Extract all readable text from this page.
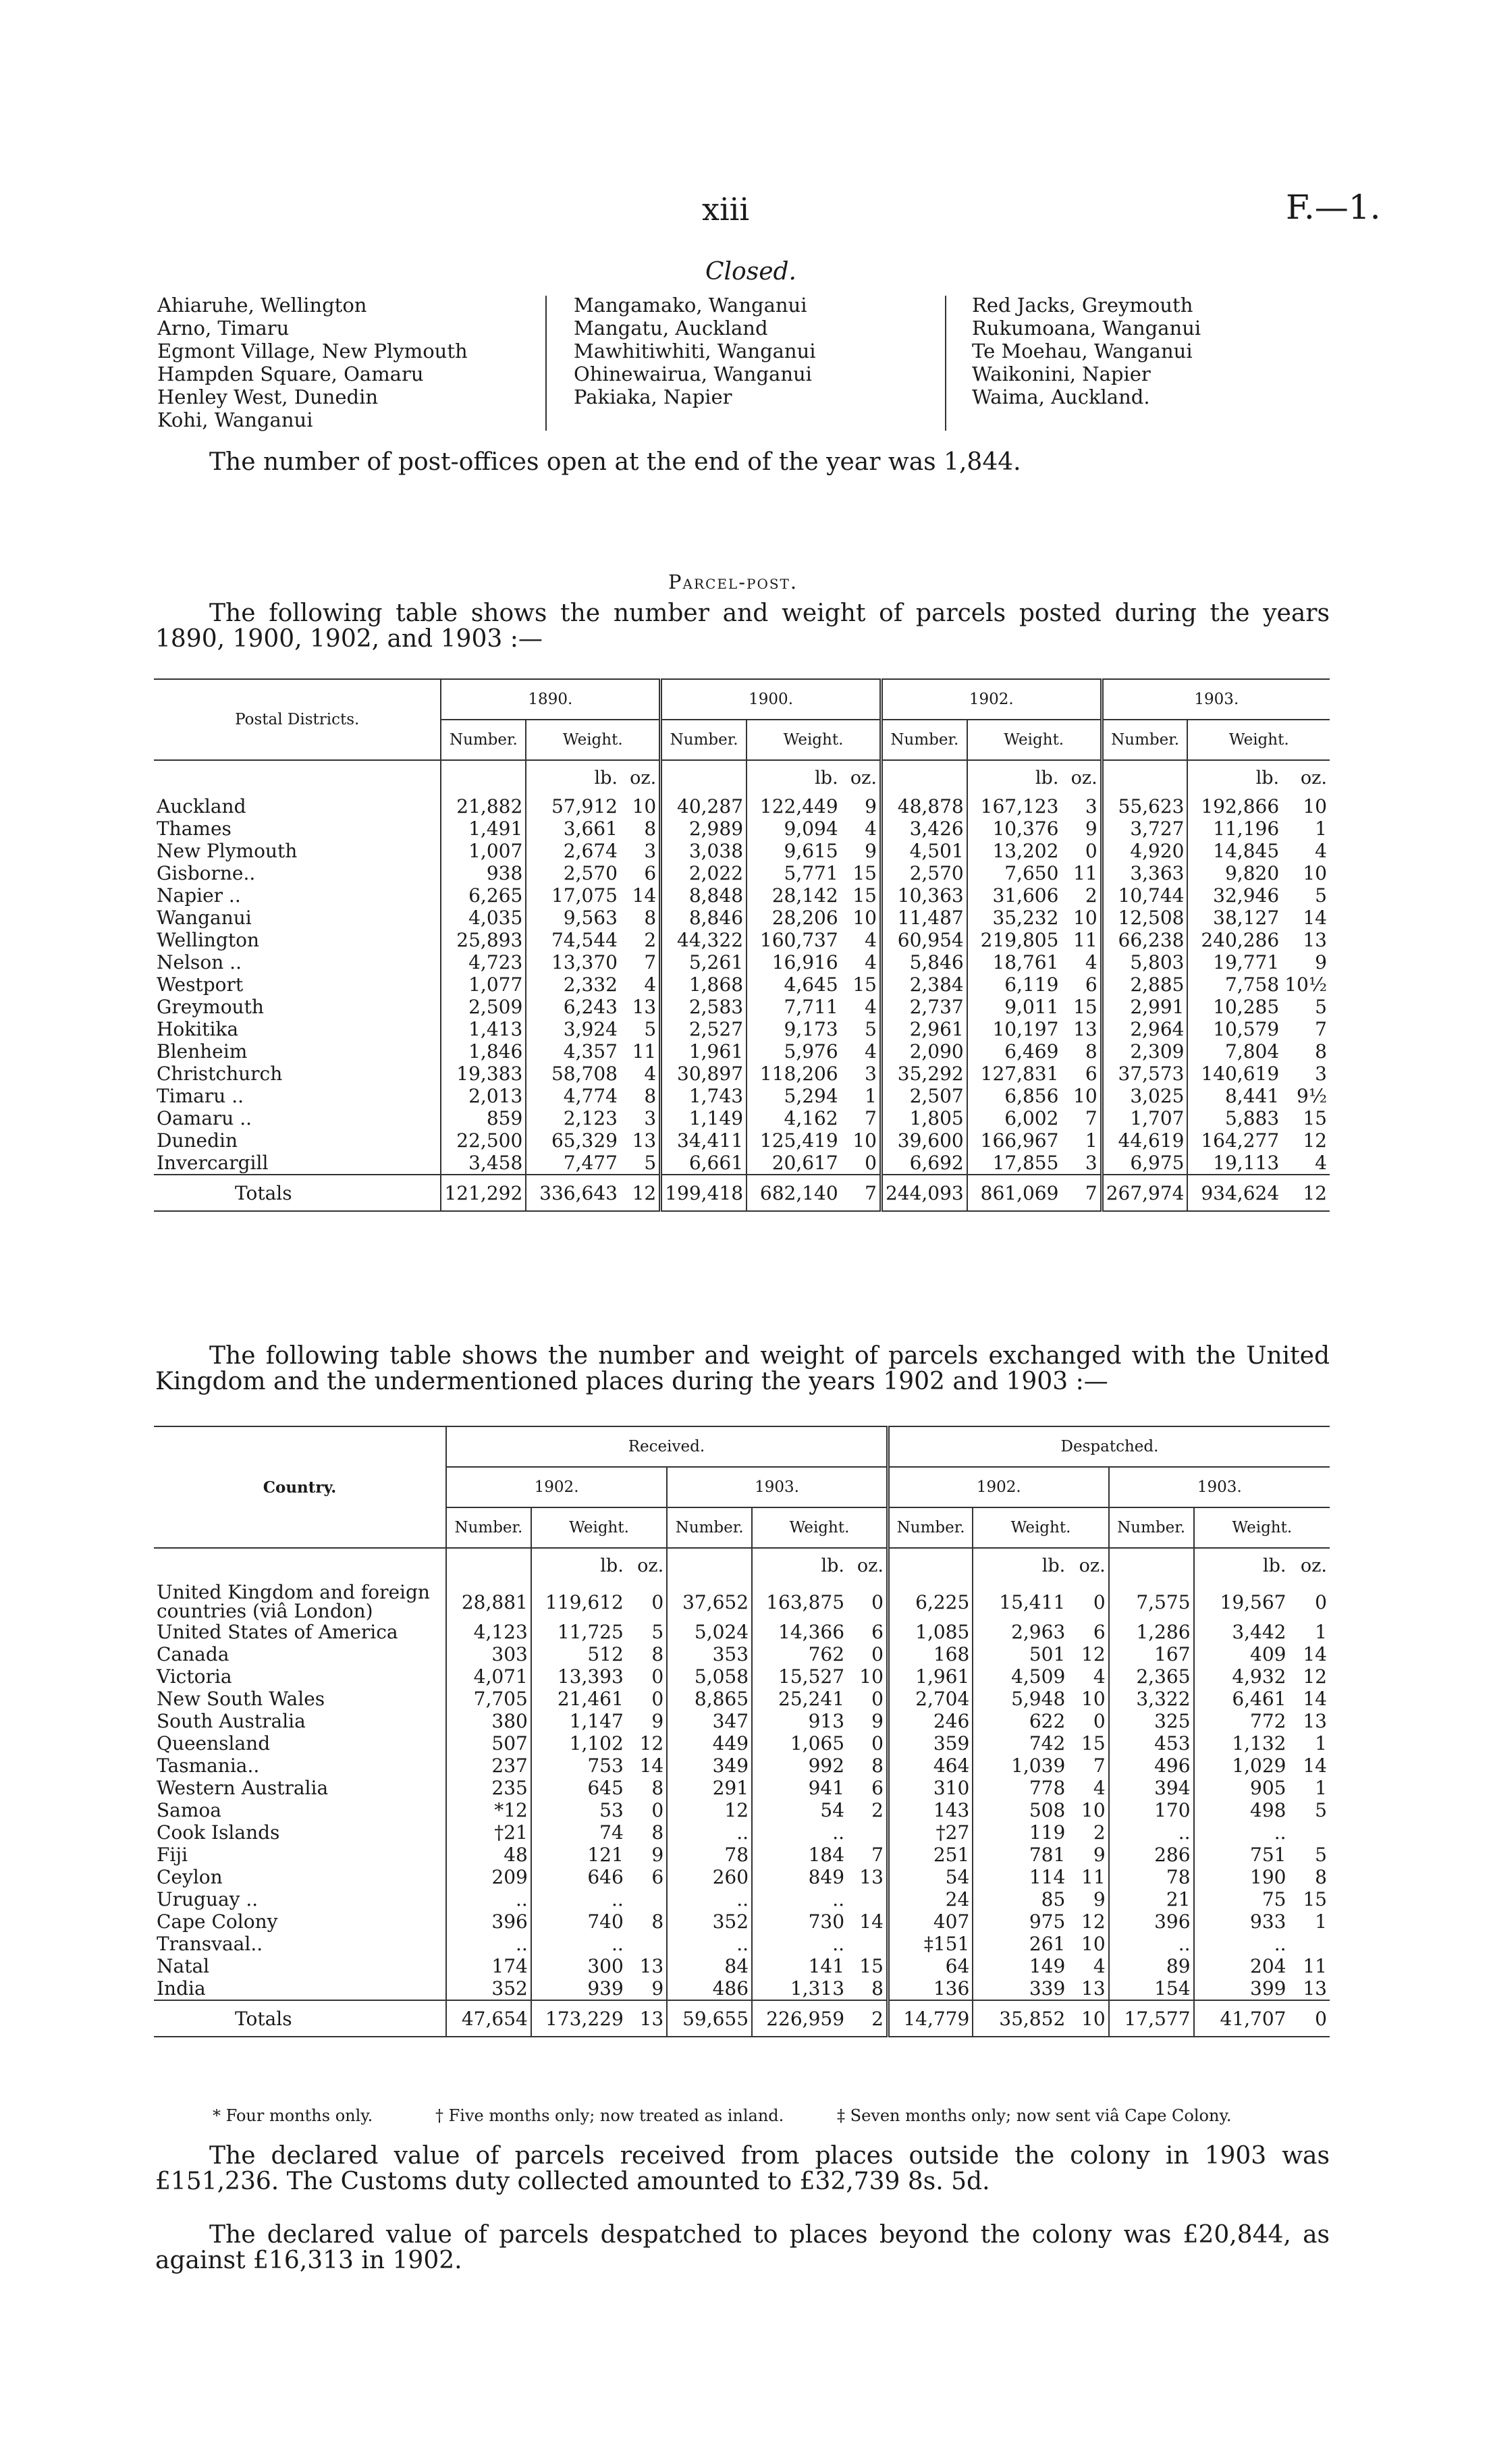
xiii	F.—1.
Closed.
Ahiaruhe, Wellington
Arno, Timaru
Egmont Village, New Plymouth
Hampden Square, Oamaru
Henley West, Dunedin
Kohi, Wanganui
Mangamako, Wanganui
Mangatu, Auckland
Mawhitiwhiti, Wanganui
Ohinewairua, Wanganui
Pakiaka, Napier
Red Jacks, Greymouth
Rukumoana, Wanganui
Te Moehau, Wanganui
Waikonini, Napier
Waima, Auckland.
The number of post-offices open at the end of the year was 1,844.
Parcel-post.
The following table shows the number and weight of parcels posted during the years 1890, 1900, 1902, and 1903 :—
Postal Districts.	1890.			1900.			1902.			1903.		
	Number.	Weight.		Number.	Weight.		Number.	Weight.		Number.	Weight.	
		lb.	oz.		lb.	oz.		lb.	oz.		lb.	oz.
Auckland	21,882	57,912	10	40,287	122,449	9	48,878	167,123	3	55,623	192,866	10
Thames	1,491	3,661	8	2,989	9,094	4	3,426	10,376	9	3,727	11,196	1
New Plymouth	1,007	2,674	3	3,038	9,615	9	4,501	13,202	0	4,920	14,845	4
Gisborne..	938	2,570	6	2,022	5,771	15	2,570	7,650	11	3,363	9,820	10
Napier ..	6,265	17,075	14	8,848	28,142	15	10,363	31,606	2	10,744	32,946	5
Wanganui	4,035	9,563	8	8,846	28,206	10	11,487	35,232	10	12,508	38,127	14
Wellington	25,893	74,544	2	44,322	160,737	4	60,954	219,805	11	66,238	240,286	13
Nelson ..	4,723	13,370	7	5,261	16,916	4	5,846	18,761	4	5,803	19,771	9
Westport	1,077	2,332	4	1,868	4,645	15	2,384	6,119	6	2,885	7,758	10½
Greymouth	2,509	6,243	13	2,583	7,711	4	2,737	9,011	15	2,991	10,285	5
Hokitika	1,413	3,924	5	2,527	9,173	5	2,961	10,197	13	2,964	10,579	7
Blenheim	1,846	4,357	11	1,961	5,976	4	2,090	6,469	8	2,309	7,804	8
Christchurch	19,383	58,708	4	30,897	118,206	3	35,292	127,831	6	37,573	140,619	3
Timaru ..	2,013	4,774	8	1,743	5,294	1	2,507	6,856	10	3,025	8,441	9½
Oamaru ..	859	2,123	3	1,149	4,162	7	1,805	6,002	7	1,707	5,883	15
Dunedin	22,500	65,329	13	34,411	125,419	10	39,600	166,967	1	44,619	164,277	12
Invercargill	3,458	7,477	5	6,661	20,617	0	6,692	17,855	3	6,975	19,113	4
Totals	121,292	336,643	12	199,418	682,140	7	244,093	861,069	7	267,974	934,624	12

The following table shows the number and weight of parcels exchanged with the United Kingdom and the undermentioned places during the years 1902 and 1903 :—
Country.	Received.						Despatched.					
	1902.			1903.			1902.			1903.		
	Number.	Weight.		Number.	Weight.		Number.	Weight.		Number.	Weight.	
		lb.	oz.		lb.	oz.		lb.	oz.		lb.	oz.
United Kingdom and foreign countries (viâ London)	28,881	119,612	0	37,652	163,875	0	6,225	15,411	0	7,575	19,567	0
United States of America	4,123	11,725	5	5,024	14,366	6	1,085	2,963	6	1,286	3,442	1
Canada	303	512	8	353	762	0	168	501	12	167	409	14
Victoria	4,071	13,393	0	5,058	15,527	10	1,961	4,509	4	2,365	4,932	12
New South Wales	7,705	21,461	0	8,865	25,241	0	2,704	5,948	10	3,322	6,461	14
South Australia	380	1,147	9	347	913	9	246	622	0	325	772	13
Queensland	507	1,102	12	449	1,065	0	359	742	15	453	1,132	1
Tasmania..	237	753	14	349	992	8	464	1,039	7	496	1,029	14
Western Australia	235	645	8	291	941	6	310	778	4	394	905	1
Samoa	*12	53	0	12	54	2	143	508	10	170	498	5
Cook Islands	†21	74	8	..	..		†27	119	2	..	..	
Fiji	48	121	9	78	184	7	251	781	9	286	751	5
Ceylon	209	646	6	260	849	13	54	114	11	78	190	8
Uruguay ..	..	..		..	..		24	85	9	21	75	15
Cape Colony	396	740	8	352	730	14	407	975	12	396	933	1
Transvaal..	..	..		..	..		‡151	261	10	..	..	
Natal	174	300	13	84	141	15	64	149	4	89	204	11
India	352	939	9	486	1,313	8	136	339	13	154	399	13
Totals	47,654	173,229	13	59,655	226,959	2	14,779	35,852	10	17,577	41,707	0

* Four months only.	† Five months only; now treated as inland.	‡ Seven months only; now sent viâ Cape Colony.
The declared value of parcels received from places outside the colony in 1903 was £151,236. The Customs duty collected amounted to £32,739 8s. 5d.
The declared value of parcels despatched to places beyond the colony was £20,844, as against £16,313 in 1902.
